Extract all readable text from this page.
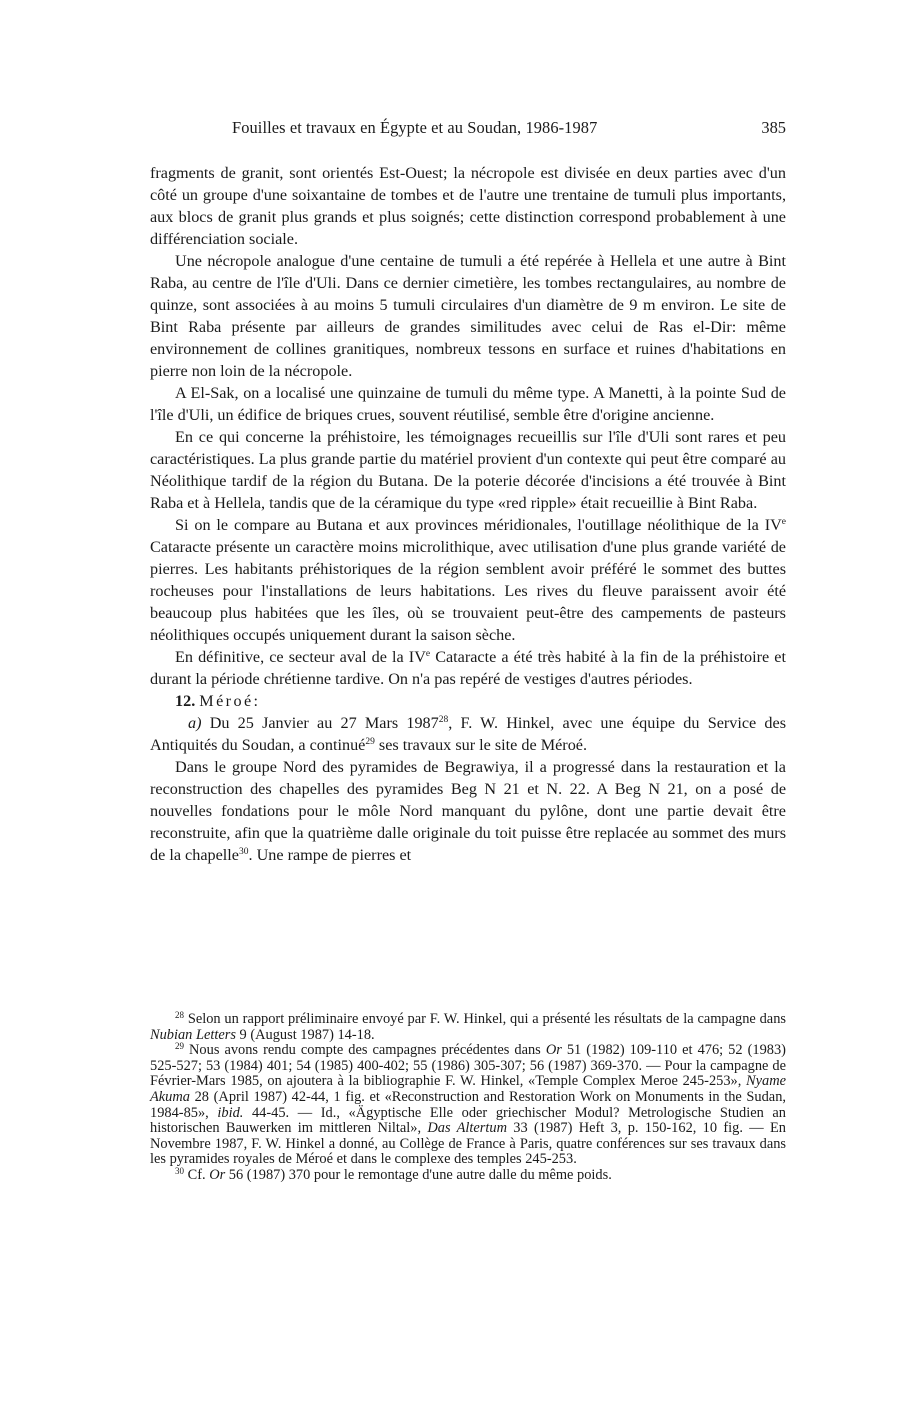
Fouilles et travaux en Égypte et au Soudan, 1986-1987	385

fragments de granit, sont orientés Est-Ouest; la nécropole est divisée en deux parties avec d'un côté un groupe d'une soixantaine de tombes et de l'autre une trentaine de tumuli plus importants, aux blocs de granit plus grands et plus soignés; cette distinction correspond probablement à une différenciation sociale.

Une nécropole analogue d'une centaine de tumuli a été repérée à Hellela et une autre à Bint Raba, au centre de l'île d'Uli. Dans ce dernier cimetière, les tombes rectangulaires, au nombre de quinze, sont associées à au moins 5 tumuli circulaires d'un diamètre de 9 m environ. Le site de Bint Raba présente par ailleurs de grandes similitudes avec celui de Ras el-Dir: même environnement de collines granitiques, nombreux tessons en surface et ruines d'habitations en pierre non loin de la nécropole.

A El-Sak, on a localisé une quinzaine de tumuli du même type. A Manetti, à la pointe Sud de l'île d'Uli, un édifice de briques crues, souvent réutilisé, semble être d'origine ancienne.

En ce qui concerne la préhistoire, les témoignages recueillis sur l'île d'Uli sont rares et peu caractéristiques. La plus grande partie du matériel provient d'un contexte qui peut être comparé au Néolithique tardif de la région du Butana. De la poterie décorée d'incisions a été trouvée à Bint Raba et à Hellela, tandis que de la céramique du type «red ripple» était recueillie à Bint Raba.

Si on le compare au Butana et aux provinces méridionales, l'outillage néolithique de la IVe Cataracte présente un caractère moins microlithique, avec utilisation d'une plus grande variété de pierres. Les habitants préhistoriques de la région semblent avoir préféré le sommet des buttes rocheuses pour l'installations de leurs habitations. Les rives du fleuve paraissent avoir été beaucoup plus habitées que les îles, où se trouvaient peut-être des campements de pasteurs néolithiques occupés uniquement durant la saison sèche.

En définitive, ce secteur aval de la IVe Cataracte a été très habité à la fin de la préhistoire et durant la période chrétienne tardive. On n'a pas repéré de vestiges d'autres périodes.

12. Méroé:

a) Du 25 Janvier au 27 Mars 1987$^{28}$, F. W. Hinkel, avec une équipe du Service des Antiquités du Soudan, a continué$^{29}$ ses travaux sur le site de Méroé.

Dans le groupe Nord des pyramides de Begrawiya, il a progressé dans la restauration et la reconstruction des chapelles des pyramides Beg N 21 et N. 22. A Beg N 21, on a posé de nouvelles fondations pour le môle Nord manquant du pylône, dont une partie devait être reconstruite, afin que la quatrième dalle originale du toit puisse être replacée au sommet des murs de la chapelle$^{30}$. Une rampe de pierres et

$^{28}$ Selon un rapport préliminaire envoyé par F. W. Hinkel, qui a présenté les résultats de la campagne dans Nubian Letters 9 (August 1987) 14-18.

$^{29}$ Nous avons rendu compte des campagnes précédentes dans Or 51 (1982) 109-110 et 476; 52 (1983) 525-527; 53 (1984) 401; 54 (1985) 400-402; 55 (1986) 305-307; 56 (1987) 369-370. — Pour la campagne de Février-Mars 1985, on ajoutera à la bibliographie F. W. Hinkel, «Temple Complex Meroe 245-253», Nyame Akuma 28 (April 1987) 42-44, 1 fig. et «Reconstruction and Restoration Work on Monuments in the Sudan, 1984-85», ibid. 44-45. — Id., «Ägyptische Elle oder griechischer Modul? Metrologische Studien an historischen Bauwerken im mittleren Niltal», Das Altertum 33 (1987) Heft 3, p. 150-162, 10 fig. — En Novembre 1987, F. W. Hinkel a donné, au Collège de France à Paris, quatre conférences sur ses travaux dans les pyramides royales de Méroé et dans le complexe des temples 245-253.

$^{30}$ Cf. Or 56 (1987) 370 pour le remontage d'une autre dalle du même poids.
